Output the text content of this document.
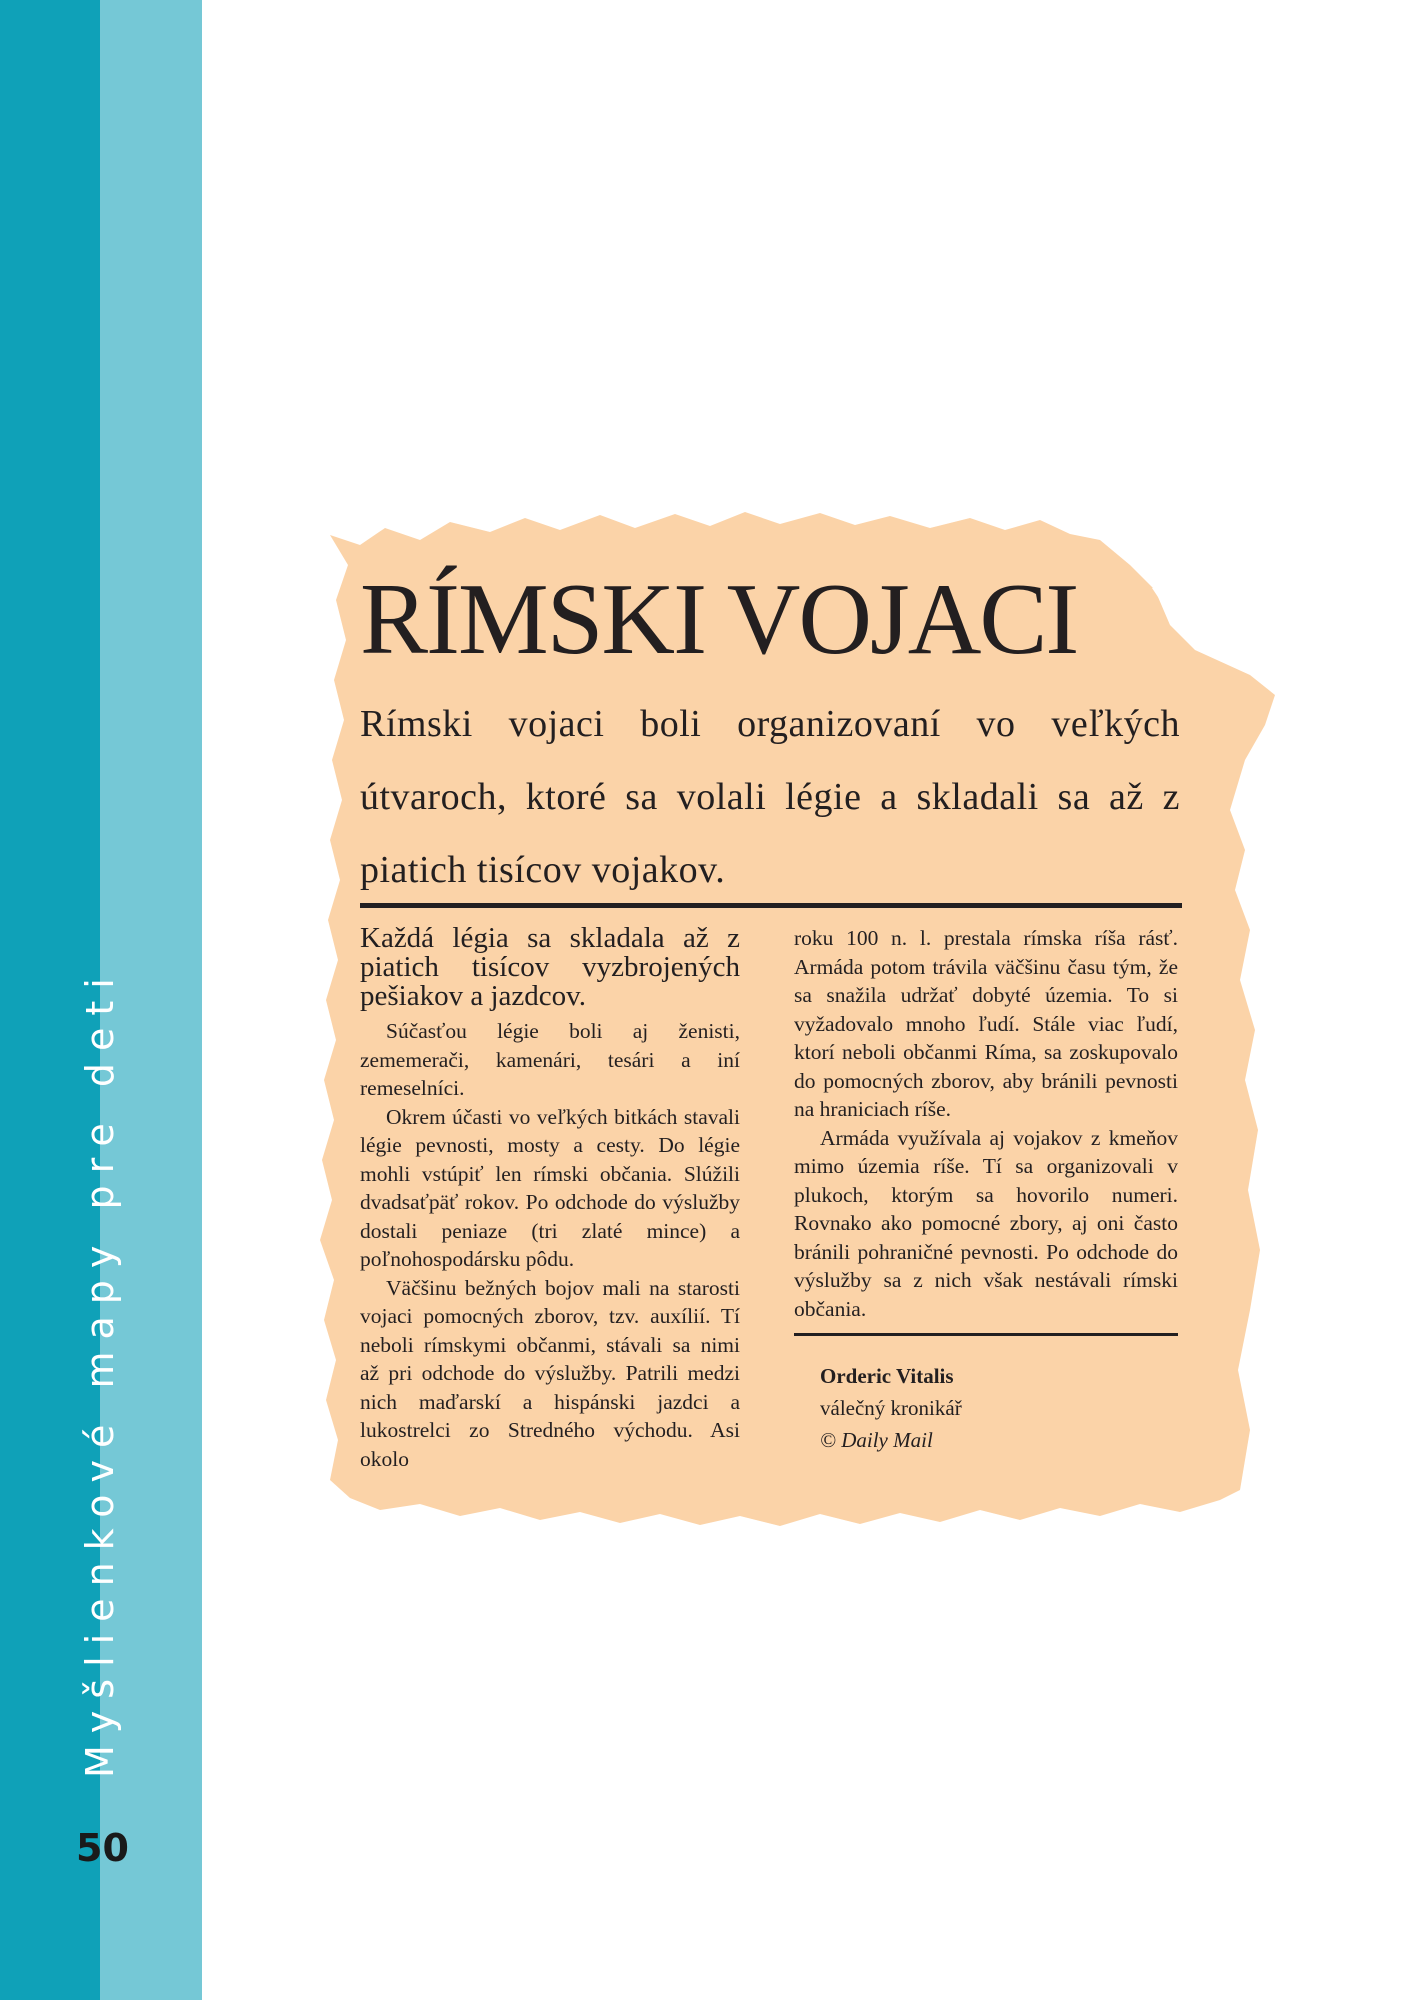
Myšlienkové mapy pre deti
50
RÍMSKI VOJACI

Rímski vojaci boli organizovaní vo veľkých útvaroch, ktoré sa volali légie a skladali sa až z piatich tisícov vojakov.

Každá légia sa skladala až z piatich tisícov vyzbrojených pešiakov a jazdcov.

Súčasťou légie boli aj ženisti, zememerači, kamenári, tesári a iní remeselníci.

Okrem účasti vo veľkých bitkách stavali légie pevnosti, mosty a cesty. Do légie mohli vstúpiť len rímski občania. Slúžili dvadsaťpäť rokov. Po odchode do výslužby dostali peniaze (tri zlaté mince) a poľnohospodársku pôdu.

Väčšinu bežných bojov mali na starosti vojaci pomocných zborov, tzv. auxílií. Tí neboli rímskymi občanmi, stávali sa nimi až pri odchode do výslužby. Patrili medzi nich maďarskí a hispánski jazdci a lukostrelci zo Stredného východu. Asi okolo

roku 100 n. l. prestala rímska ríša rásť. Armáda potom trávila väčšinu času tým, že sa snažila udržať dobyté územia. To si vyžadovalo mnoho ľudí. Stále viac ľudí, ktorí neboli občanmi Ríma, sa zoskupovalo do pomocných zborov, aby bránili pevnosti na hraniciach ríše.

Armáda využívala aj vojakov z kmeňov mimo územia ríše. Tí sa organizovali v plukoch, ktorým sa hovorilo numeri. Rovnako ako pomocné zbory, aj oni často bránili pohraničné pevnosti. Po odchode do výslužby sa z nich však nestávali rímski občania.

Orderic Vitalis
válečný kronikář
© Daily Mail
